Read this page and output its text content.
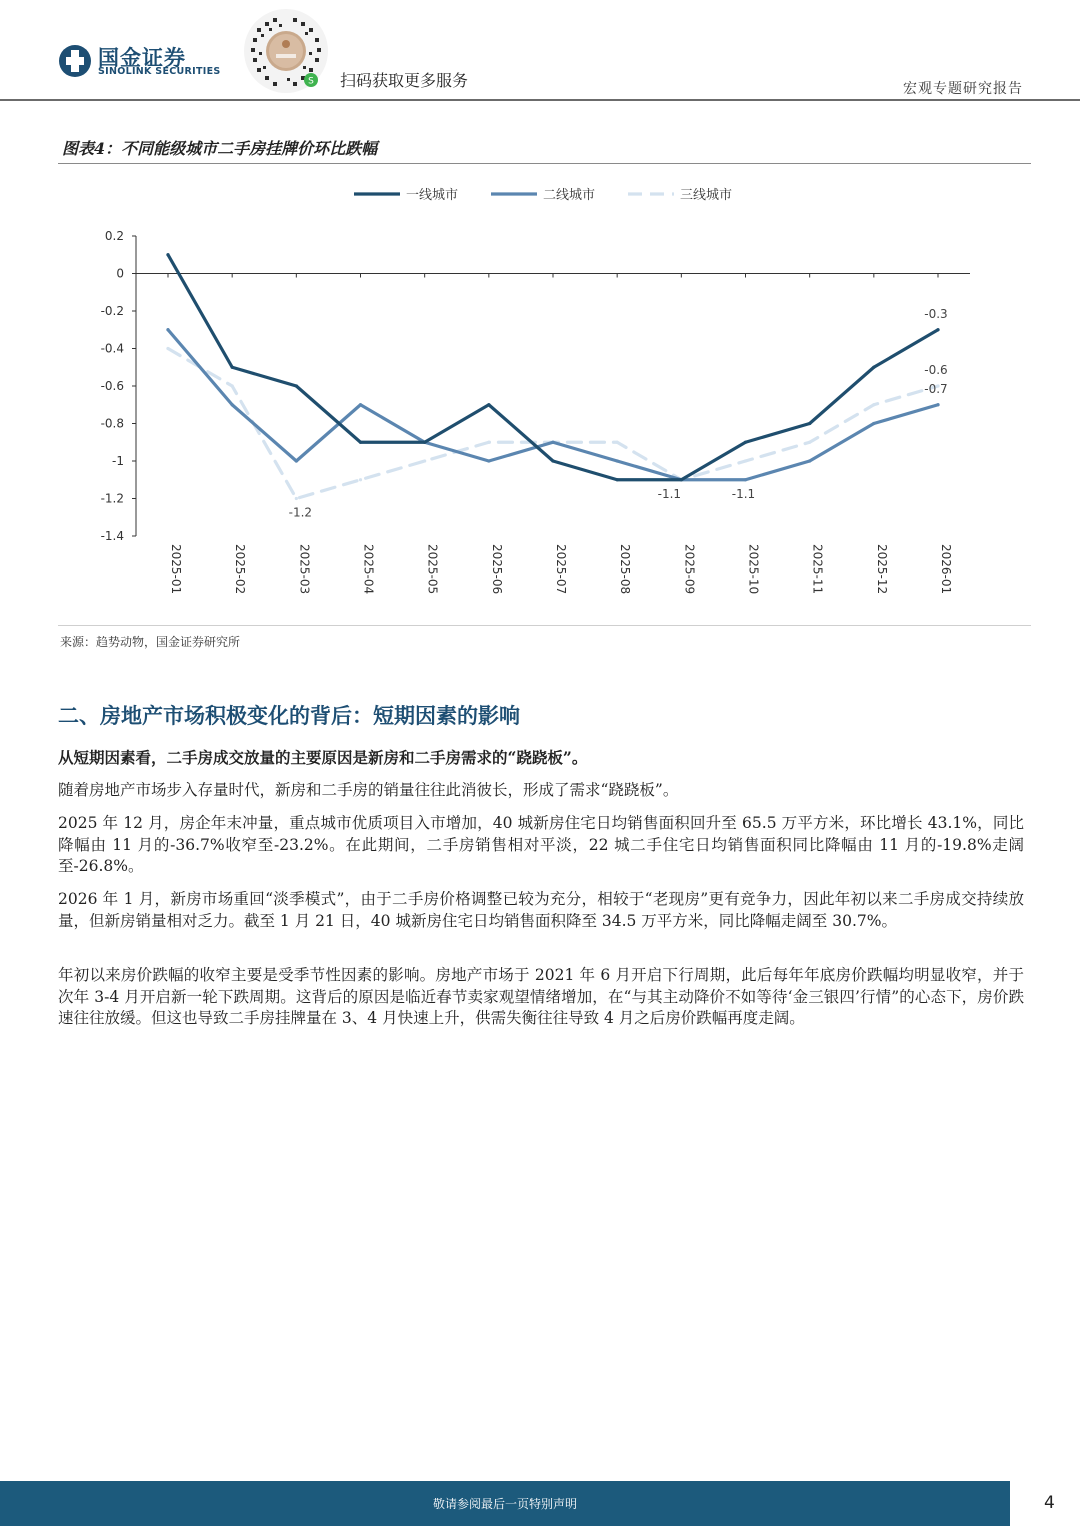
国金证券
SINOLINK SECURITIES
S 扫码获取更多服务	宏观专题研究报告
图表4：不同能级城市二手房挂牌价环比跌幅
一线城市	二线城市	三线城市
0.2
0
-0.2
-0.4
-0.6
-0.8
-1
-1.2
-1.4
2025-01	2025-02	2025-03	2025-04	2025-05	2025-06	2025-07	2025-08	2025-09	2025-10	2025-11	2025-12	2026-01
-1.2
-1.1	-1.1
-0.3
-0.6
-0.7
来源：趋势动物，国金证券研究所
二、房地产市场积极变化的背后：短期因素的影响

从短期因素看，二手房成交放量的主要原因是新房和二手房需求的“跷跷板”。

随着房地产市场步入存量时代，新房和二手房的销量往往此消彼长，形成了需求“跷跷板”。

2025 年 12 月，房企年末冲量，重点城市优质项目入市增加，40 城新房住宅日均销售面积回升至 65.5 万平方米，环比增长 43.1%，同比降幅由 11 月的-36.7%收窄至-23.2%。在此期间，二手房销售相对平淡，22 城二手住宅日均销售面积同比降幅由 11 月的-19.8%走阔至-26.8%。

2026 年 1 月，新房市场重回“淡季模式”，由于二手房价格调整已较为充分，相较于“老现房”更有竞争力，因此年初以来二手房成交持续放量，但新房销量相对乏力。截至 1 月 21 日，40 城新房住宅日均销售面积降至 34.5 万平方米，同比降幅走阔至 30.7%。

年初以来房价跌幅的收窄主要是受季节性因素的影响。房地产市场于 2021 年 6 月开启下行周期，此后每年年底房价跌幅均明显收窄，并于次年 3-4 月开启新一轮下跌周期。这背后的原因是临近春节卖家观望情绪增加，在“与其主动降价不如等待‘金三银四’行情”的心态下，房价跌速往往放缓。但这也导致二手房挂牌量在 3、4 月快速上升，供需失衡往往导致 4 月之后房价跌幅再度走阔。

敬请参阅最后一页特别声明	4
